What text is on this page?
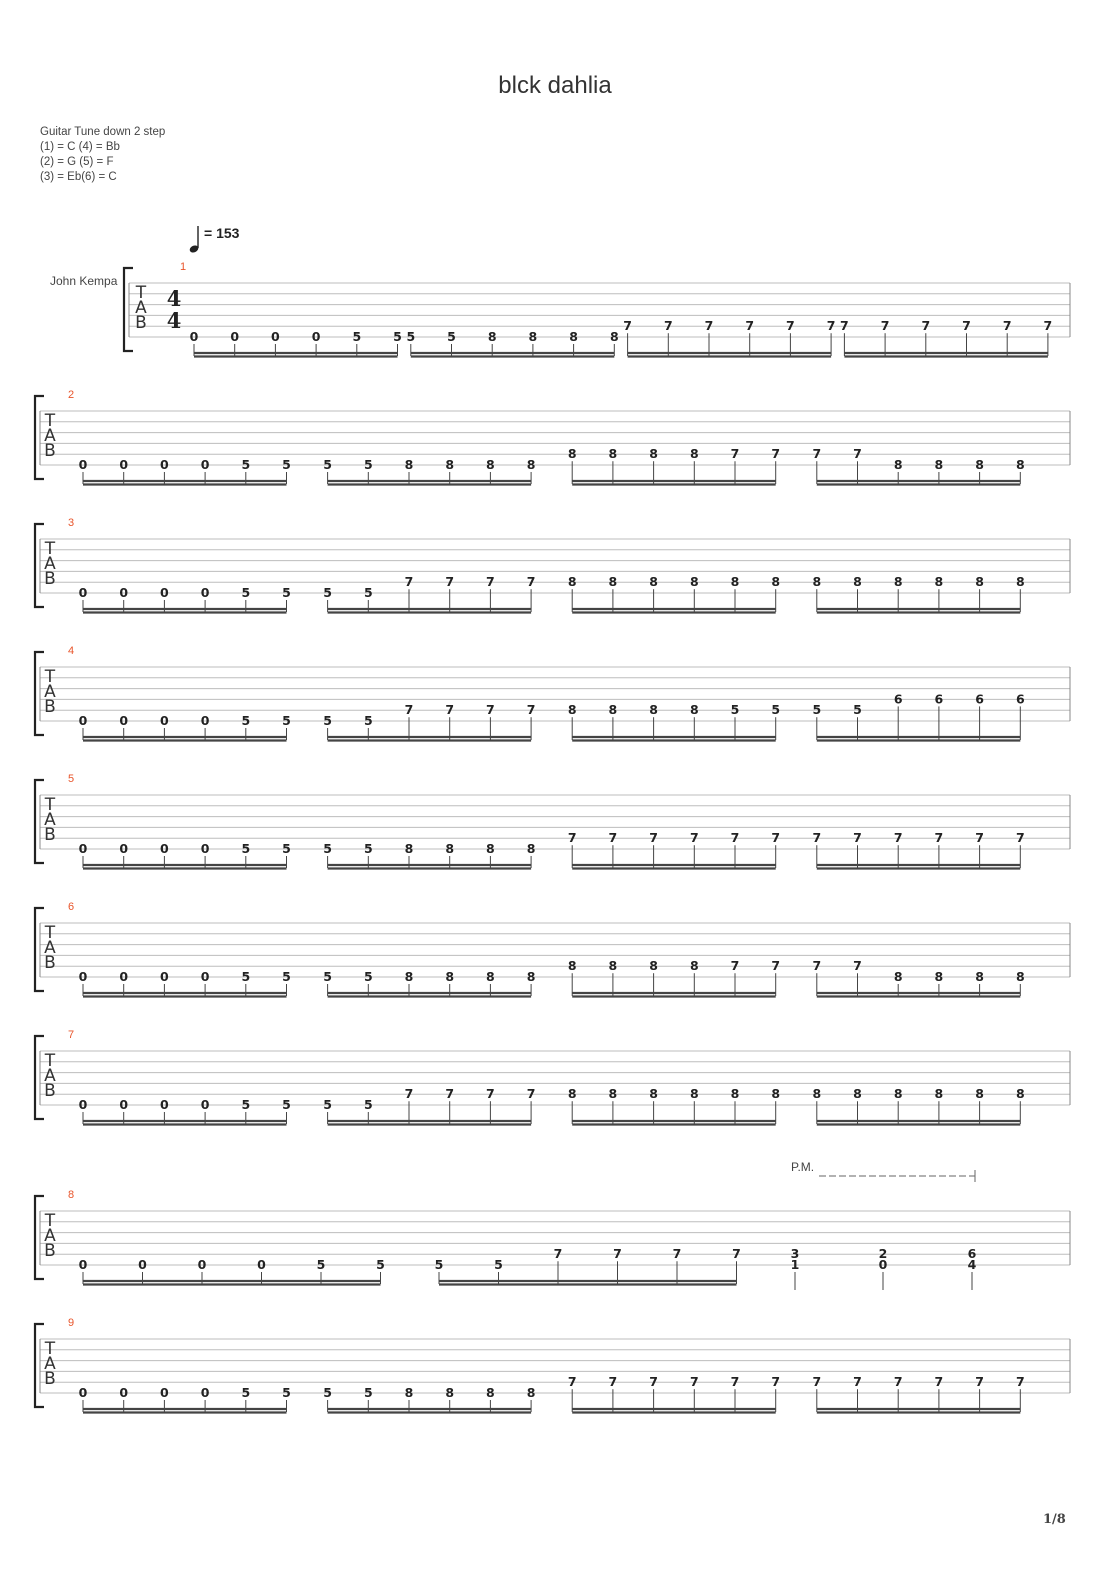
blck dahlia
Guitar Tune down 2 step
(1) = C (4) = Bb
(2) = G (5) = F
(3) = Eb(6) = C
= 153
John Kempa
P.M.
T
A
B
4
4
1
0	0	0	0	5	5 5	5	8	8	8	8
7	7	7	7	7	7 7	7	7	7	7	7
T
A
B
2
0	0	0	0	5	5	5	5	8	8	8	8
8	8	8	8	7	7	7	7
8	8	8	8
T
A
B
3
0	0	0	0	5	5	5	5
7	7	7	7	8	8	8	8	8	8	8	8	8	8	8	8
T
A
B
4
0	0	0	0	5	5	5	5
7	7	7	7	8	8	8	8	5	5	5	5
6	6	6	6
T
A
B
5
0	0	0	0	5	5	5	5	8	8	8	8
7	7	7	7	7	7	7	7	7	7	7	7
T
A
B
6
0	0	0	0	5	5	5	5	8	8	8	8
8	8	8	8	7	7	7	7
8	8	8	8
T
A
B
7
0	0	0	0	5	5	5	5
7	7	7	7	8	8	8	8	8	8	8	8	8	8	8	8
T
A
B
8
0	0	0	0	5	5	5	5
7	7	7	7	3
1
2
0
6
4
T
A
B
9
0	0	0	0	5	5	5	5	8	8	8	8
7	7	7	7	7	7	7	7	7	7	7	7
1/8
